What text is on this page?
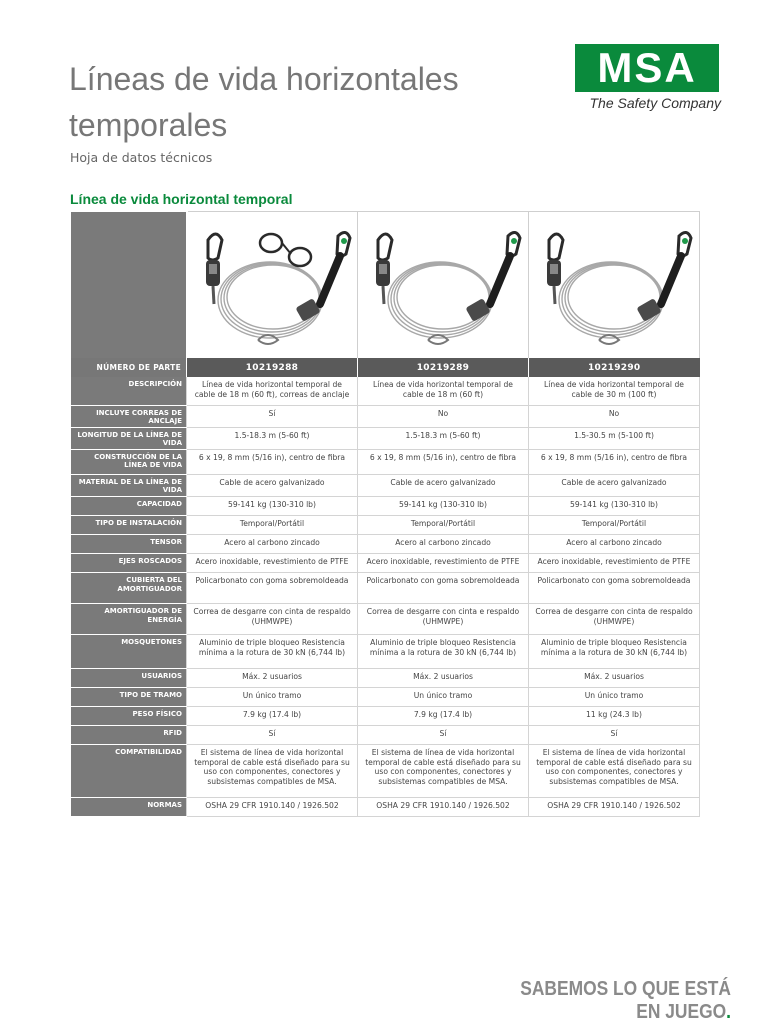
Líneas de vida horizontales
temporales
Hoja de datos técnicos
MSA
The Safety Company
Línea de vida horizontal temporal

NÚMERO DE PARTE	10219288	10219289	10219290
DESCRIPCIÓN	Línea de vida horizontal temporal de cable de 18 m (60 ft), correas de anclaje	Línea de vida horizontal temporal de cable de 18 m (60 ft)	Línea de vida horizontal temporal de cable de 30 m (100 ft)
INCLUYE CORREAS DE ANCLAJE	Sí	No	No
LONGITUD DE LA LÍNEA DE VIDA	1.5-18.3 m (5-60 ft)	1.5-18.3 m (5-60 ft)	1.5-30.5 m (5-100 ft)
CONSTRUCCIÓN DE LA LÍNEA DE VIDA	6 x 19, 8 mm (5/16 in), centro de fibra	6 x 19, 8 mm (5/16 in), centro de fibra	6 x 19, 8 mm (5/16 in), centro de fibra
MATERIAL DE LA LÍNEA DE VIDA	Cable de acero galvanizado	Cable de acero galvanizado	Cable de acero galvanizado
CAPACIDAD	59-141 kg (130-310 lb)	59-141 kg (130-310 lb)	59-141 kg (130-310 lb)
TIPO DE INSTALACIÓN	Temporal/Portátil	Temporal/Portátil	Temporal/Portátil
TENSOR	Acero al carbono zincado	Acero al carbono zincado	Acero al carbono zincado
EJES ROSCADOS	Acero inoxidable, revestimiento de PTFE	Acero inoxidable, revestimiento de PTFE	Acero inoxidable, revestimiento de PTFE
CUBIERTA DEL AMORTIGUADOR	Policarbonato con goma sobremoldeada	Policarbonato con goma sobremoldeada	Policarbonato con goma sobremoldeada
AMORTIGUADOR DE ENERGÍA	Correa de desgarre con cinta de respaldo (UHMWPE)	Correa de desgarre con cinta e respaldo (UHMWPE)	Correa de desgarre con cinta de respaldo (UHMWPE)
MOSQUETONES	Aluminio de triple bloqueo Resistencia mínima a la rotura de 30 kN (6,744 lb)	Aluminio de triple bloqueo Resistencia mínima a la rotura de 30 kN (6,744 lb)	Aluminio de triple bloqueo Resistencia mínima a la rotura de 30 kN (6,744 lb)
USUARIOS	Máx. 2 usuarios	Máx. 2 usuarios	Máx. 2 usuarios
TIPO DE TRAMO	Un único tramo	Un único tramo	Un único tramo
PESO FÍSICO	7.9 kg (17.4 lb)	7.9 kg (17.4 lb)	11 kg (24.3 lb)
RFID	Sí	Sí	Sí
COMPATIBILIDAD	El sistema de línea de vida horizontal temporal de cable está diseñado para su uso con componentes, conectores y subsistemas compatibles de MSA.	El sistema de línea de vida horizontal temporal de cable está diseñado para su uso con componentes, conectores y subsistemas compatibles de MSA.	El sistema de línea de vida horizontal temporal de cable está diseñado para su uso con componentes, conectores y subsistemas compatibles de MSA.
NORMAS	OSHA 29 CFR 1910.140 / 1926.502	OSHA 29 CFR 1910.140 / 1926.502	OSHA 29 CFR 1910.140 / 1926.502
SABEMOS LO QUE ESTÁ EN JUEGO.
